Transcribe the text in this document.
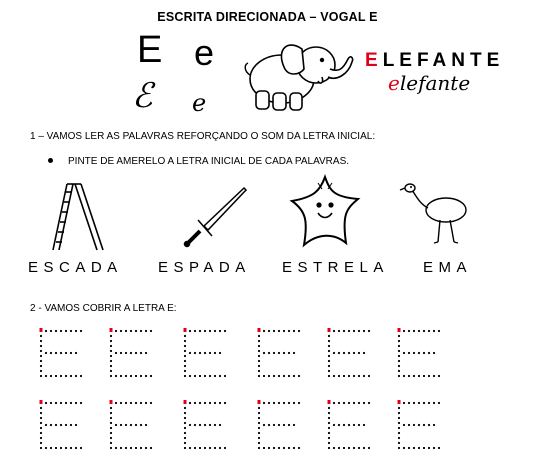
ESCRITA DIRECIONADA – VOGAL E
E e
ℰ e
ELEFANTE
elefante
1 – VAMOS LER AS PALAVRAS REFORÇANDO O SOM DA LETRA INICIAL:
PINTE DE AMERELO A LETRA INICIAL DE CADA PALAVRAS.
ESCADA ESPADA ESTRELA EMA
2 - VAMOS COBRIR A LETRA E:
